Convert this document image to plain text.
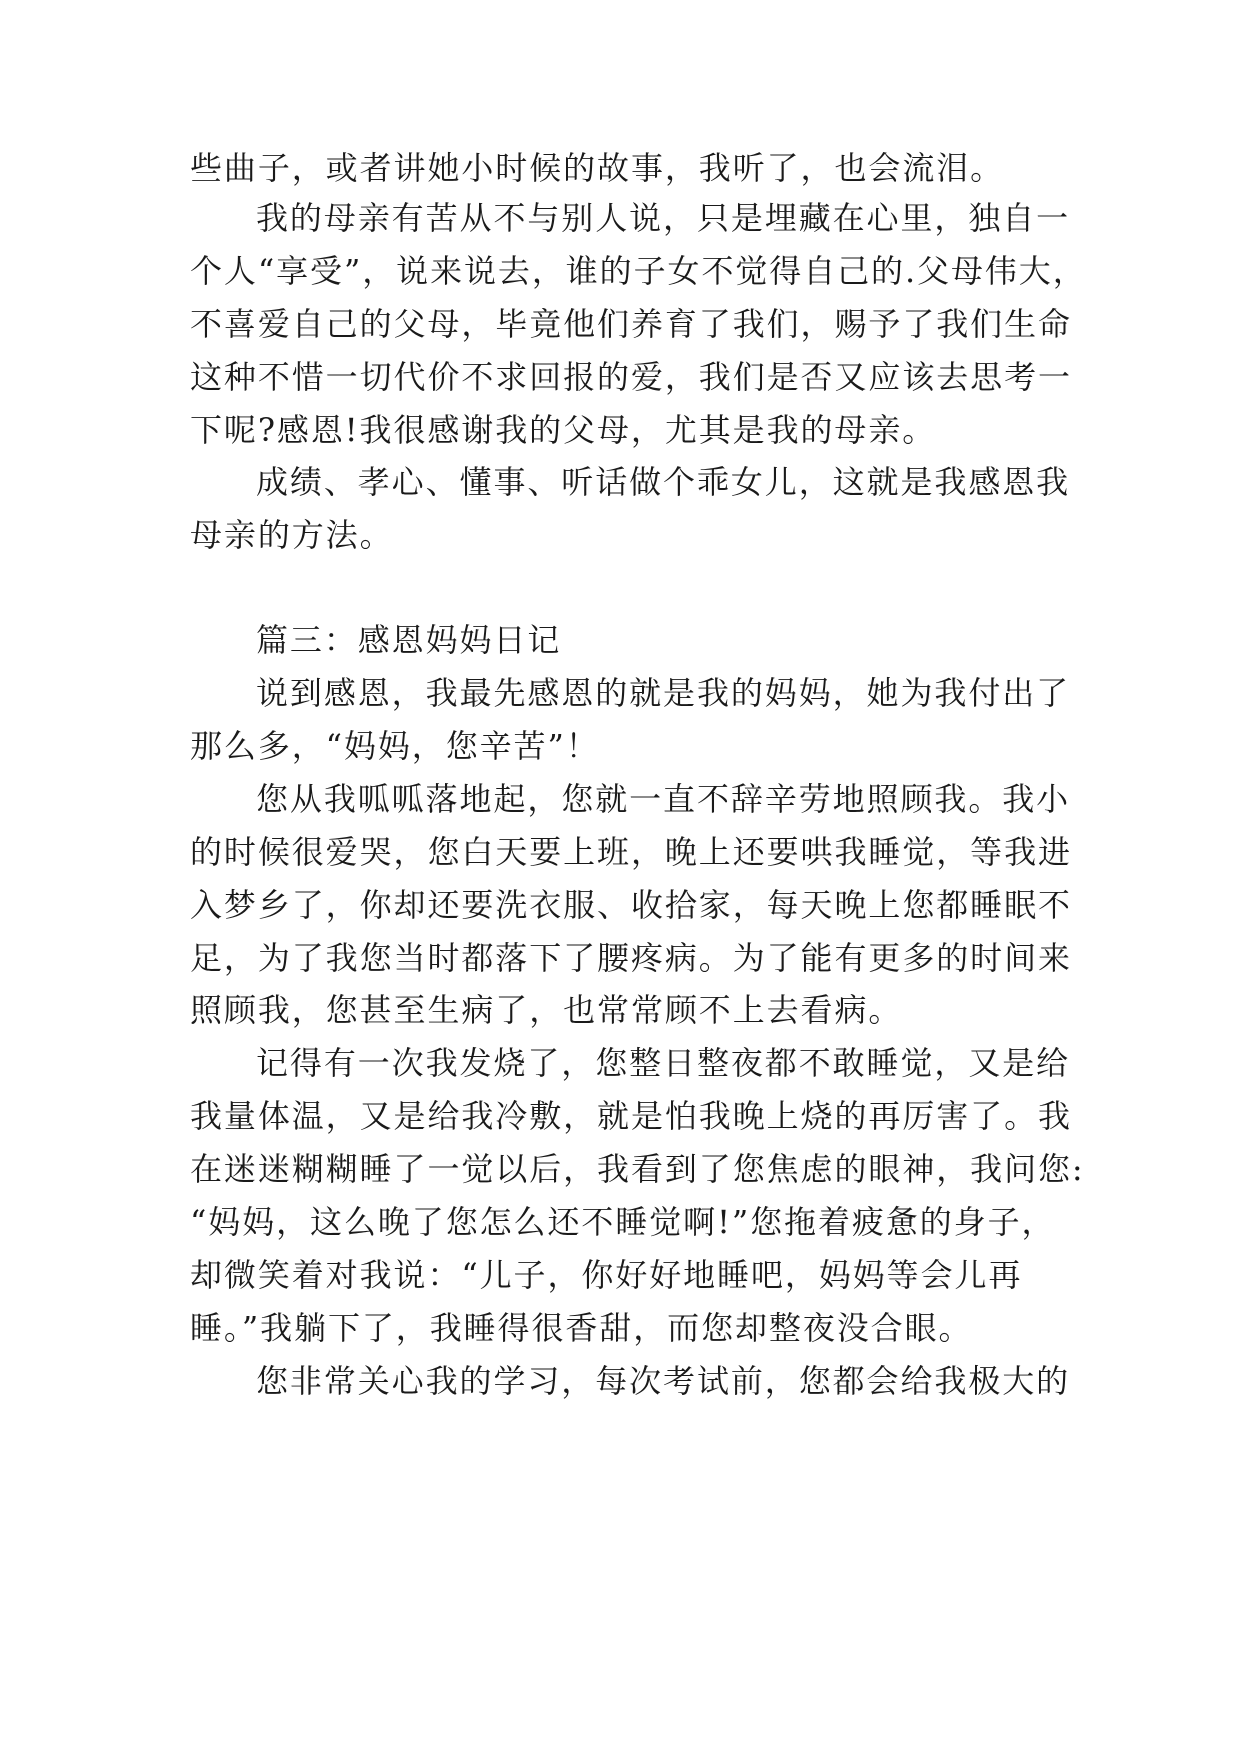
些曲子，或者讲她小时候的故事，我听了，也会流泪。
我的母亲有苦从不与别人说，只是埋藏在心里，独自一
个人“享受”，说来说去，谁的子女不觉得自己的.父母伟大，
不喜爱自己的父母，毕竟他们养育了我们，赐予了我们生命
这种不惜一切代价不求回报的爱，我们是否又应该去思考一
下呢?感恩!我很感谢我的父母，尤其是我的母亲。
成绩、孝心、懂事、听话做个乖女儿，这就是我感恩我
母亲的方法。
篇三：感恩妈妈日记
说到感恩，我最先感恩的就是我的妈妈，她为我付出了
那么多，“妈妈，您辛苦”！
您从我呱呱落地起，您就一直不辞辛劳地照顾我。我小
的时候很爱哭，您白天要上班，晚上还要哄我睡觉，等我进
入梦乡了，你却还要洗衣服、收拾家，每天晚上您都睡眠不
足，为了我您当时都落下了腰疼病。为了能有更多的时间来
照顾我，您甚至生病了，也常常顾不上去看病。
记得有一次我发烧了，您整日整夜都不敢睡觉，又是给
我量体温，又是给我冷敷，就是怕我晚上烧的再厉害了。我
在迷迷糊糊睡了一觉以后，我看到了您焦虑的眼神，我问您:
“妈妈，这么晚了您怎么还不睡觉啊!”您拖着疲惫的身子，
却微笑着对我说：“儿子，你好好地睡吧，妈妈等会儿再
睡。”我躺下了，我睡得很香甜，而您却整夜没合眼。
您非常关心我的学习，每次考试前，您都会给我极大的
